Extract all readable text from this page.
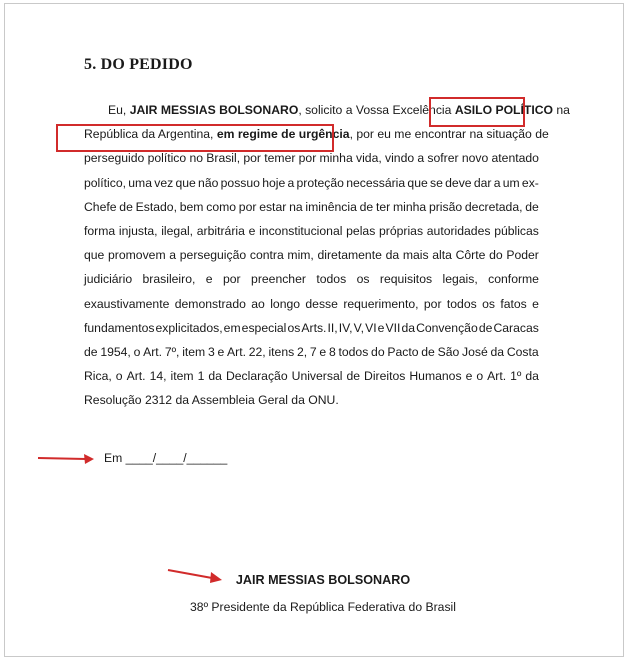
5. DO PEDIDO
Eu, JAIR MESSIAS BOLSONARO, solicito a Vossa Excelência ASILO POLÍTICO na
República da Argentina, em regime de urgência, por eu me encontrar na situação de
perseguido político no Brasil, por temer por minha vida, vindo a sofrer novo atentado
político, uma vez que não possuo hoje a proteção necessária que se deve dar a um ex-
Chefe de Estado, bem como por estar na iminência de ter minha prisão decretada, de
forma injusta, ilegal, arbitrária e inconstitucional pelas próprias autoridades públicas
que promovem a perseguição contra mim, diretamente da mais alta Côrte do Poder
judiciário brasileiro, e por preencher todos os requisitos legais, conforme
exaustivamente demonstrado ao longo desse requerimento, por todos os fatos e
fundamentos explicitados, em especial os Arts. II, IV, V, VI e VII da Convenção de Caracas
de 1954, o Art. 7º, item 3 e Art. 22, itens 2, 7 e 8 todos do Pacto de São José da Costa
Rica, o Art. 14, item 1 da Declaração Universal de Direitos Humanos e o Art. 1º da
Resolução 2312 da Assembleia Geral da ONU.
Em ____/____/______
JAIR MESSIAS BOLSONARO
38º Presidente da República Federativa do Brasil
